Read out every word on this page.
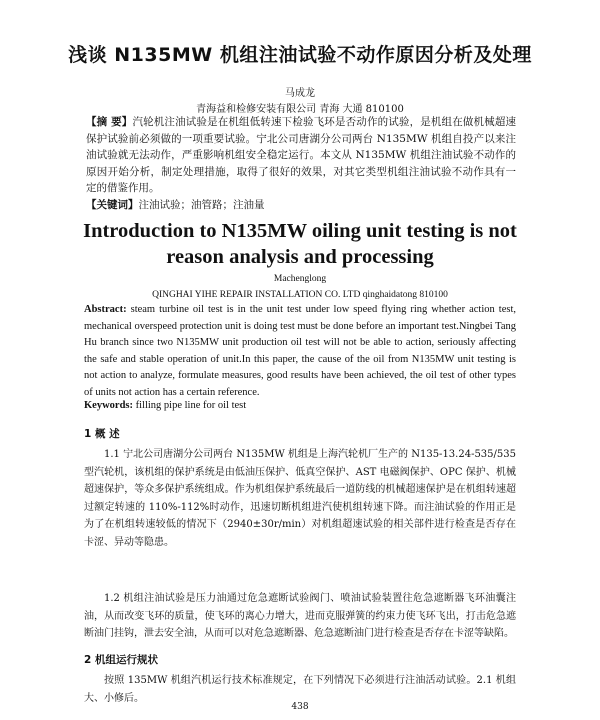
浅谈 N135MW 机组注油试验不动作原因分析及处理
马成龙
青海益和检修安装有限公司 青海 大通 810100
【摘 要】汽轮机注油试验是在机组低转速下检验飞环是否动作的试验，是机组在做机械超速保护试验前必须做的一项重要试验。宁北公司唐湖分公司两台 N135MW 机组自投产以来注油试验就无法动作，严重影响机组安全稳定运行。本文从 N135MW 机组注油试验不动作的原因开始分析，制定处理措施，取得了很好的效果，对其它类型机组注油试验不动作具有一定的借鉴作用。
【关键词】注油试验；油管路；注油量
Introduction to N135MW oiling unit testing is not reason analysis and processing
Machenglong
QINGHAI YIHE REPAIR INSTALLATION CO. LTD qinghaidatong 810100
Abstract: steam turbine oil test is in the unit test under low speed flying ring whether action test, mechanical overspeed protection unit is doing test must be done before an important test.Ningbei Tang Hu branch since two N135MW unit production oil test will not be able to action, seriously affecting the safe and stable operation of unit.In this paper, the cause of the oil from N135MW unit testing is not action to analyze, formulate measures, good results have been achieved, the oil test of other types of units not action has a certain reference.
Keywords: filling pipe line for oil test
1 概 述
1.1 宁北公司唐湖分公司两台 N135MW 机组是上海汽轮机厂生产的 N135-13.24-535/535 型汽轮机，该机组的保护系统是由低油压保护、低真空保护、AST 电磁阀保护、OPC 保护、机械超速保护，等众多保护系统组成。作为机组保护系统最后一道防线的机械超速保护是在机组转速超过额定转速的 110%-112%时动作，迅速切断机组进汽使机组转速下降。而注油试验的作用正是为了在机组转速较低的情况下（2940±30r/min）对机组超速试验的相关部件进行检查是否存在卡涩、异动等隐患。
1.2 机组注油试验是压力油通过危急遮断试验阀门、喷油试验装置往危急遮断器飞环油囊注油，从而改变飞环的质量，使飞环的离心力增大，进而克服弹簧的约束力使飞环飞出，打击危急遮断油门挂钩，泄去安全油，从而可以对危急遮断器、危急遮断油门进行检查是否存在卡涩等缺陷。
2 机组运行规状
按照 135MW 机组汽机运行技术标准规定，在下列情况下必须进行注油活动试验。2.1 机组大、小修后。
438
